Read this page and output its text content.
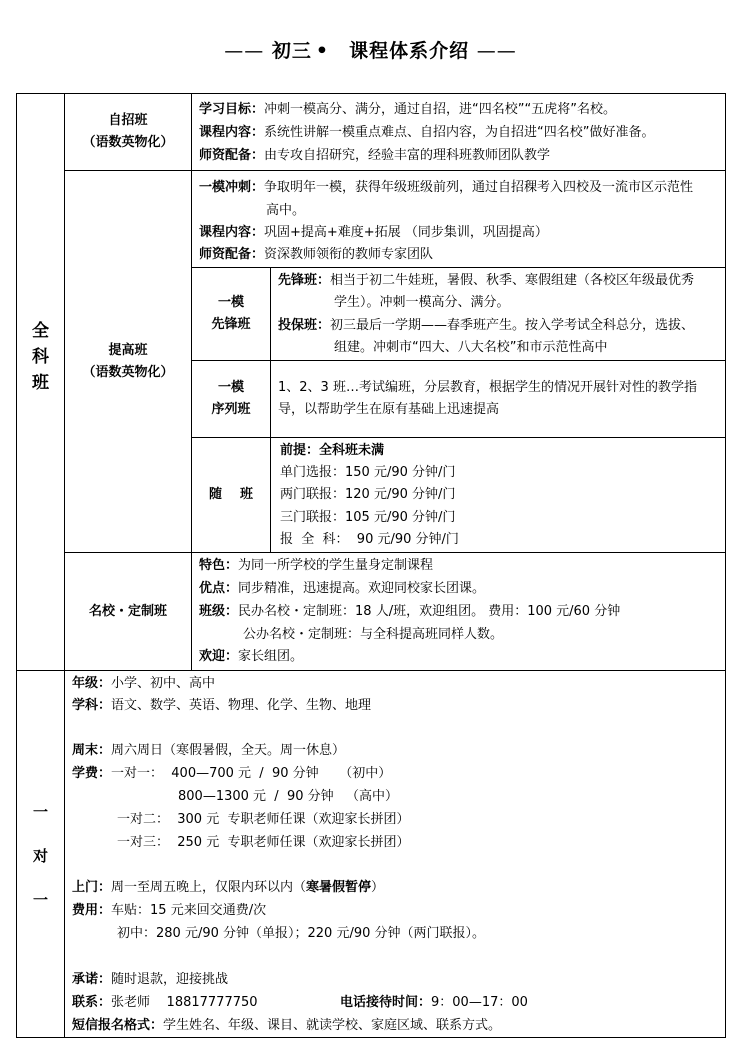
—— 初三 • 课程体系介绍 ——
全
科
班
自招班
（语数英物化）
学习目标：冲刺一模高分、满分，通过自招，进“四名校”“五虎将”名校。
课程内容：系统性讲解一模重点难点、自招内容，为自招进“四名校”做好准备。
师资配备：由专攻自招研究，经验丰富的理科班教师团队教学
提高班
（语数英物化）
一模冲刺：争取明年一模，获得年级班级前列，通过自招稞考入四校及一流市区示范性
高中。
课程内容：巩固+提高+难度+拓展 （同步集训，巩固提高）
师资配备：资深教师领衔的教师专家团队
一模
先锋班
先锋班：相当于初二牛娃班，暑假、秋季、寒假组建（各校区年级最优秀
学生）。冲刺一模高分、满分。
投保班：初三最后一学期——春季班产生。按入学考试全科总分，选拔、
组建。冲刺市“四大、八大名校”和市示范性高中
一模
序列班
1、2、3 班…考试编班，分层教育，根据学生的情况开展针对性的教学指
导，以帮助学生在原有基础上迅速提高
随    班
前提：全科班未满
单门选报：150 元/90 分钟/门
两门联报：120 元/90 分钟/门
三门联报：105 元/90 分钟/门
报  全  科：  90 元/90 分钟/门
名校・定制班
特色：为同一所学校的学生量身定制课程
优点：同步精准，迅速提高。欢迎同校家长团课。
班级：民办名校・定制班：18 人/班，欢迎组团。 费用：100 元/60 分钟
公办名校・定制班：与全科提高班同样人数。
欢迎：家长组团。
一
对
一
年级：小学、初中、高中
学科：语文、数学、英语、物理、化学、生物、地理
周末：周六周日（寒假暑假，全天。周一休息）
学费：一对一：  400—700 元  /  90 分钟     （初中）
800—1300 元  /  90 分钟   （高中）
一对二：  300 元  专职老师任课（欢迎家长拼团）
一对三：  250 元  专职老师任课（欢迎家长拼团）
上门：周一至周五晚上，仅限内环以内（寒暑假暂停）
费用：车贴：15 元来回交通费/次
初中：280 元/90 分钟（单报）；220 元/90 分钟（两门联报）。
承诺：随时退款，迎接挑战
联系：张老师    18817777750	电话接待时间：9：00—17：00
短信报名格式：学生姓名、年级、课目、就读学校、家庭区域、联系方式。
